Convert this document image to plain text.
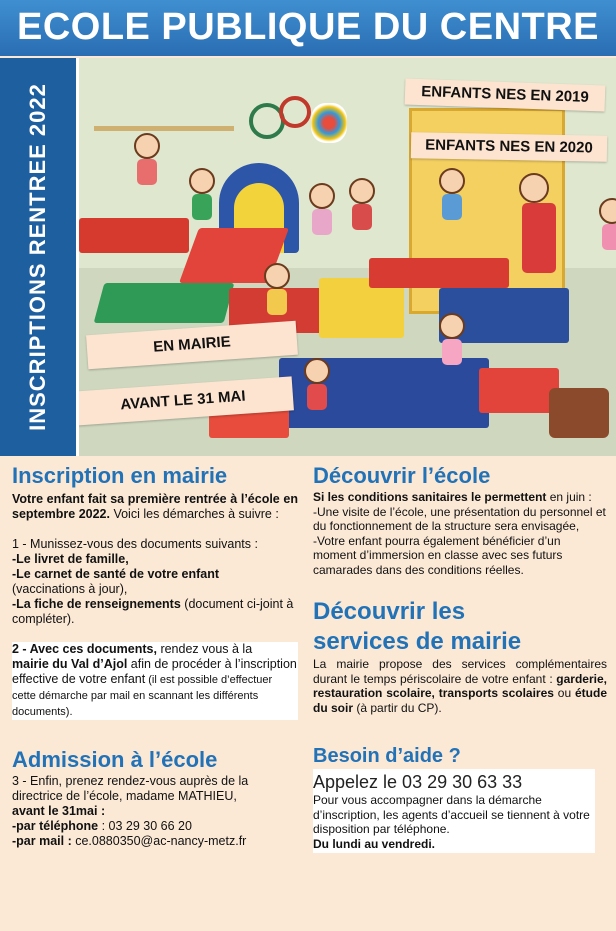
ECOLE PUBLIQUE DU CENTRE
INSCRIPTIONS RENTREE 2022	ENFANTS NES EN 2019
ENFANTS NES EN 2020
EN MAIRIE
AVANT LE 31 MAI
Inscription en mairie

Votre enfant fait sa première rentrée à l’école en septembre 2022. Voici les démarches à suivre :

1 - Munissez-vous des documents suivants :

-Le livret de famille,

-Le carnet de santé de votre enfant

(vaccinations à jour),

-La fiche de renseignements (document ci-joint à compléter).

2 - Avec ces documents, rendez vous à la
mairie du Val d’Ajol afin de procéder à l’inscription effective de votre enfant (il est possible d’effectuer cette démarche par mail en scannant les différents documents).

Admission à l’école

3 - Enfin, prenez rendez-vous auprès de la directrice de l’école, madame MATHIEU,

avant le 31mai :

-par téléphone : 03 29 30 66 20

-par mail : ce.0880350@ac-nancy-metz.fr

Découvrir l’école

Si les conditions sanitaires le permettent en juin :

-Une visite de l’école, une présentation du personnel et du fonctionnement de la structure sera envisagée,

-Votre enfant pourra également bénéficier d’un moment d’immersion en classe avec ses futurs camarades dans des conditions réelles.

Découvrir les
services de mairie

La mairie propose des services complémentaires durant le temps périscolaire de votre enfant : garderie, restauration scolaire, transports scolaires ou étude du soir (à partir du CP).

Besoin d’aide ?
Appelez le 03 29 30 63 33

Pour vous accompagner dans la démarche d’inscription, les agents d’accueil se tiennent à votre disposition par téléphone.

Du lundi au vendredi.
